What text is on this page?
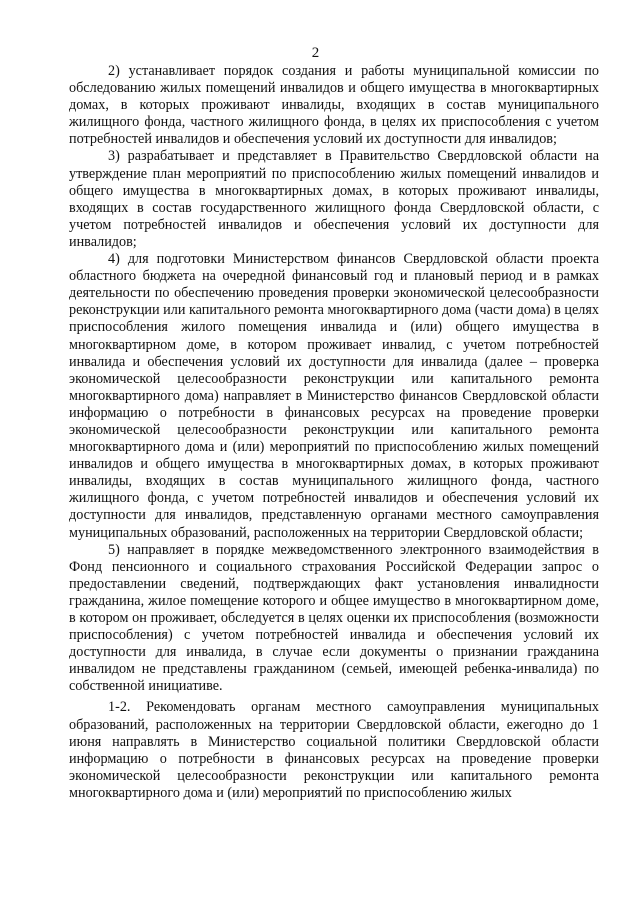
2

2) устанавливает порядок создания и работы муниципальной комиссии по обследованию жилых помещений инвалидов и общего имущества в многоквартирных домах, в которых проживают инвалиды, входящих в состав муниципального жилищного фонда, частного жилищного фонда, в целях их приспособления с учетом потребностей инвалидов и обеспечения условий их доступности для инвалидов;

3) разрабатывает и представляет в Правительство Свердловской области на утверждение план мероприятий по приспособлению жилых помещений инвалидов и общего имущества в многоквартирных домах, в которых проживают инвалиды, входящих в состав государственного жилищного фонда Свердловской области, с учетом потребностей инвалидов и обеспечения условий их доступности для инвалидов;

4) для подготовки Министерством финансов Свердловской области проекта областного бюджета на очередной финансовый год и плановый период и в рамках деятельности по обеспечению проведения проверки экономической целесообразности реконструкции или капитального ремонта многоквартирного дома (части дома) в целях приспособления жилого помещения инвалида и (или) общего имущества в многоквартирном доме, в котором проживает инвалид, с учетом потребностей инвалида и обеспечения условий их доступности для инвалида (далее – проверка экономической целесообразности реконструкции или капитального ремонта многоквартирного дома) направляет в Министерство финансов Свердловской области информацию о потребности в финансовых ресурсах на проведение проверки экономической целесообразности реконструкции или капитального ремонта многоквартирного дома и (или) мероприятий по приспособлению жилых помещений инвалидов и общего имущества в многоквартирных домах, в которых проживают инвалиды, входящих в состав муниципального жилищного фонда, частного жилищного фонда, с учетом потребностей инвалидов и обеспечения условий их доступности для инвалидов, представленную органами местного самоуправления муниципальных образований, расположенных на территории Свердловской области;

5) направляет в порядке межведомственного электронного взаимодействия в Фонд пенсионного и социального страхования Российской Федерации запрос о предоставлении сведений, подтверждающих факт установления инвалидности гражданина, жилое помещение которого и общее имущество в многоквартирном доме, в котором он проживает, обследуется в целях оценки их приспособления (возможности приспособления) с учетом потребностей инвалида и обеспечения условий их доступности для инвалида, в случае если документы о признании гражданина инвалидом не представлены гражданином (семьей, имеющей ребенка-инвалида) по собственной инициативе.

1-2. Рекомендовать органам местного самоуправления муниципальных образований, расположенных на территории Свердловской области, ежегодно до 1 июня направлять в Министерство социальной политики Свердловской области информацию о потребности в финансовых ресурсах на проведение проверки экономической целесообразности реконструкции или капитального ремонта многоквартирного дома и (или) мероприятий по приспособлению жилых
